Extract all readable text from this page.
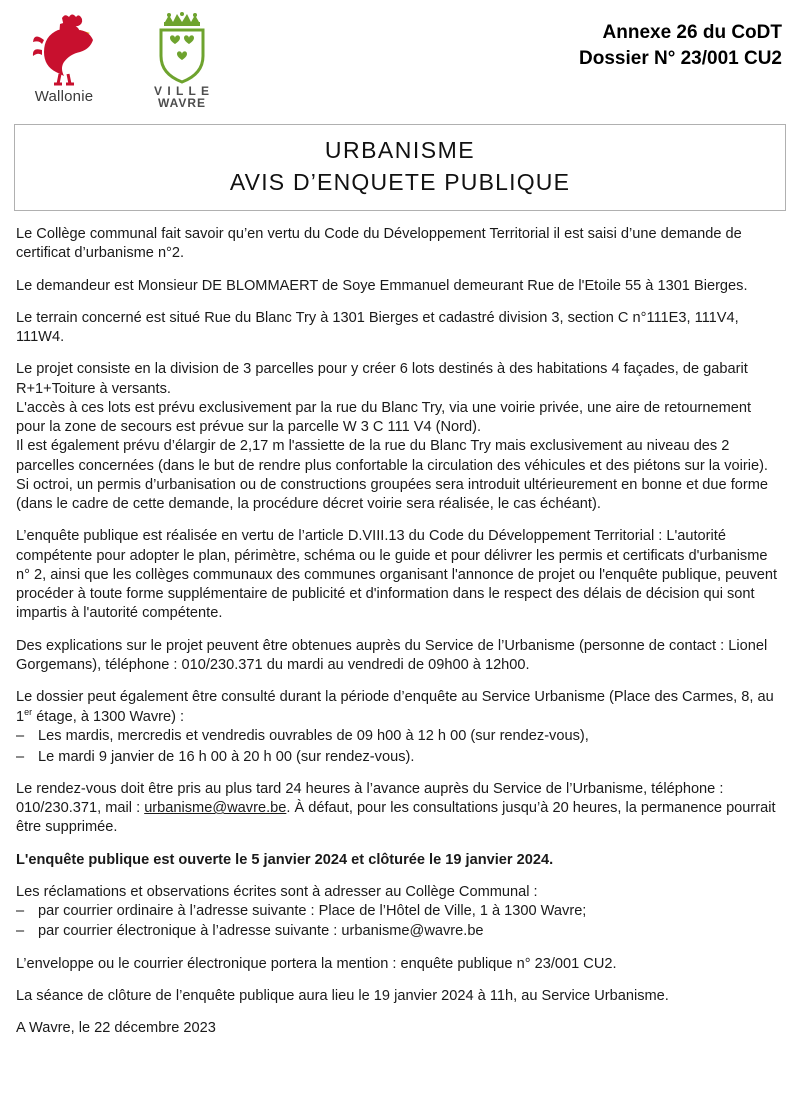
Wallonie	V I L L E
WAVRE
Annexe 26 du CoDT
Dossier N° 23/001 CU2
URBANISME
AVIS D’ENQUETE PUBLIQUE

Le Collège communal fait savoir qu’en vertu du Code du Développement Territorial il est saisi d’une demande de certificat d’urbanisme n°2.

Le demandeur est Monsieur DE BLOMMAERT de Soye Emmanuel demeurant Rue de l'Etoile 55 à 1301 Bierges.

Le terrain concerné est situé Rue du Blanc Try à 1301 Bierges et cadastré division 3, section C n°111E3, 111V4, 111W4.

Le projet consiste en la division de 3 parcelles pour y créer 6 lots destinés à des habitations 4 façades, de gabarit R+1+Toiture à versants.

L'accès à ces lots est prévu exclusivement par la rue du Blanc Try, via une voirie privée, une aire de retournement pour la zone de secours est prévue sur la parcelle W 3 C 111 V4 (Nord).

Il est également prévu d’élargir de 2,17 m l'assiette de la rue du Blanc Try mais exclusivement au niveau des 2 parcelles concernées (dans le but de rendre plus confortable la circulation des véhicules et des piétons sur la voirie).

Si octroi, un permis d’urbanisation ou de constructions groupées sera introduit ultérieurement en bonne et due forme (dans le cadre de cette demande, la procédure décret voirie sera réalisée, le cas échéant).

L’enquête publique est réalisée en vertu de l’article D.VIII.13 du Code du Développement Territorial : L'autorité compétente pour adopter le plan, périmètre, schéma ou le guide et pour délivrer les permis et certificats d'urbanisme n° 2, ainsi que les collèges communaux des communes organisant l'annonce de projet ou l'enquête publique, peuvent procéder à toute forme supplémentaire de publicité et d'information dans le respect des délais de décision qui sont impartis à l'autorité compétente.

Des explications sur le projet peuvent être obtenues auprès du Service de l’Urbanisme (personne de contact : Lionel Gorgemans), téléphone : 010/230.371 du mardi au vendredi de 09h00 à 12h00.

Le dossier peut également être consulté durant la période d’enquête au Service Urbanisme (Place des Carmes, 8, au 1er étage, à 1300 Wavre) :

– Les mardis, mercredis et vendredis ouvrables de 09 h00 à 12 h 00 (sur rendez-vous),
– Le mardi 9 janvier de 16 h 00 à 20 h 00 (sur rendez-vous).

Le rendez-vous doit être pris au plus tard 24 heures à l’avance auprès du Service de l’Urbanisme, téléphone : 010/230.371, mail : urbanisme@wavre.be. À défaut, pour les consultations jusqu’à 20 heures, la permanence pourrait être supprimée.

L'enquête publique est ouverte le 5 janvier 2024 et clôturée le 19 janvier 2024.

Les réclamations et observations écrites sont à adresser au Collège Communal :

– par courrier ordinaire à l’adresse suivante : Place de l’Hôtel de Ville, 1 à 1300 Wavre;
– par courrier électronique à l’adresse suivante : urbanisme@wavre.be

L’enveloppe ou le courrier électronique portera la mention : enquête publique n° 23/001 CU2.

La séance de clôture de l’enquête publique aura lieu le 19 janvier 2024 à 11h, au Service Urbanisme.

A Wavre, le 22 décembre 2023
